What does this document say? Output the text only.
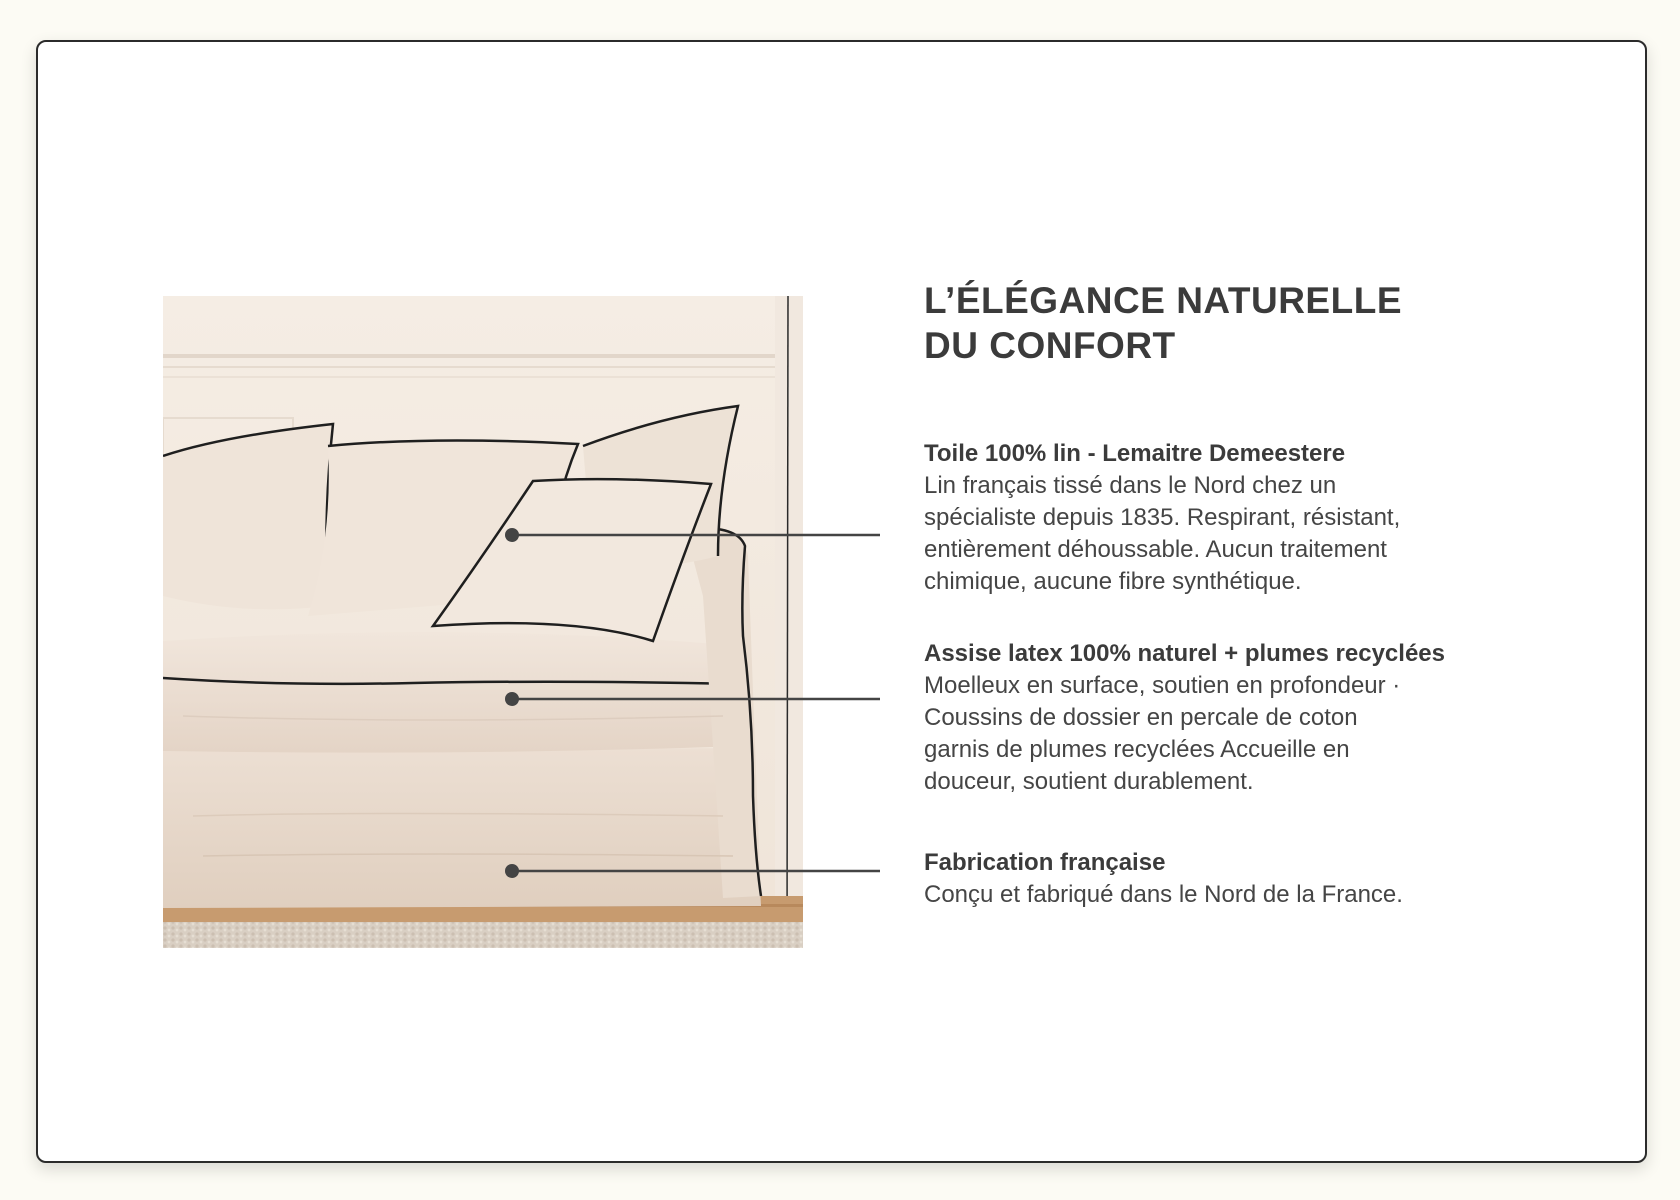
L’ÉLÉGANCE NATURELLE
DU CONFORT

Toile 100% lin - Lemaitre Demeestere

Lin français tissé dans le Nord chez un
spécialiste depuis 1835. Respirant, résistant,
entièrement déhoussable. Aucun traitement
chimique, aucune fibre synthétique.

Assise latex 100% naturel + plumes recyclées

Moelleux en surface, soutien en profondeur ·
Coussins de dossier en percale de coton
garnis de plumes recyclées Accueille en
douceur, soutient durablement.

Fabrication française

Conçu et fabriqué dans le Nord de la France.
